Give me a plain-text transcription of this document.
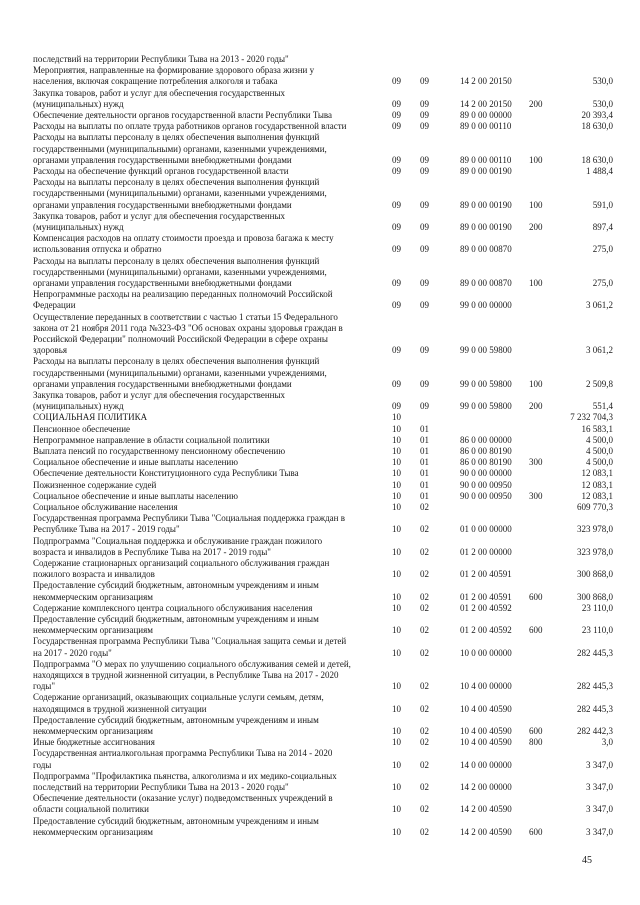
последствий на территории Республики Тыва на 2013 - 2020 годы"
Мероприятия, направленные на формирование здорового образа жизни у
населения, включая сокращение потребления алкоголя и табака	09 09	14 2 00 20150	530,0
Закупка товаров, работ и услуг для обеспечения государственных
(муниципальных) нужд	09 09	14 2 00 20150 200	530,0
Обеспечение деятельности органов государственной власти Республики Тыва	09 09	89 0 00 00000	20 393,4
Расходы на выплаты по оплате труда работников органов государственной власти	09 09	89 0 00 00110	18 630,0
Расходы на выплаты персоналу в целях обеспечения выполнения функций
государственными (муниципальными) органами, казенными учреждениями,
органами управления государственными внебюджетными фондами	09 09	89 0 00 00110 100	18 630,0
Расходы на обеспечение функций органов государственной власти	09 09	89 0 00 00190	1 488,4
Расходы на выплаты персоналу в целях обеспечения выполнения функций
государственными (муниципальными) органами, казенными учреждениями,
органами управления государственными внебюджетными фондами	09 09	89 0 00 00190 100	591,0
Закупка товаров, работ и услуг для обеспечения государственных
(муниципальных) нужд	09 09	89 0 00 00190 200	897,4
Компенсация расходов на оплату стоимости проезда и провоза багажа к месту
использования отпуска и обратно	09 09	89 0 00 00870	275,0
Расходы на выплаты персоналу в целях обеспечения выполнения функций
государственными (муниципальными) органами, казенными учреждениями,
органами управления государственными внебюджетными фондами	09 09	89 0 00 00870 100	275,0
Непрограммные расходы на реализацию переданных полномочий Российской
Федерации	09 09	99 0 00 00000	3 061,2
Осуществление переданных в соответствии с частью 1 статьи 15 Федерального
закона от 21 ноября 2011 года №323-ФЗ "Об основах охраны здоровья граждан в
Российской Федерации" полномочий Российской Федерации в сфере охраны
здоровья	09 09	99 0 00 59800	3 061,2
Расходы на выплаты персоналу в целях обеспечения выполнения функций
государственными (муниципальными) органами, казенными учреждениями,
органами управления государственными внебюджетными фондами	09 09	99 0 00 59800 100	2 509,8
Закупка товаров, работ и услуг для обеспечения государственных
(муниципальных) нужд	09 09	99 0 00 59800 200	551,4
СОЦИАЛЬНАЯ ПОЛИТИКА	10	7 232 704,3
Пенсионное обеспечение	10 01	16 583,1
Непрограммное направление в области социальной политики	10 01	86 0 00 00000	4 500,0
Выплата пенсий по государственному пенсионному обеспечению	10 01	86 0 00 80190	4 500,0
Социальное обеспечение и иные выплаты населению	10 01	86 0 00 80190 300	4 500,0
Обеспечение деятельности Конституционного суда Республики Тыва	10 01	90 0 00 00000	12 083,1
Пожизненное содержание судей	10 01	90 0 00 00950	12 083,1
Социальное обеспечение и иные выплаты населению	10 01	90 0 00 00950 300	12 083,1
Социальное обслуживание населения	10 02	609 770,3
Государственная программа Республики Тыва "Социальная поддержка граждан в
Республике Тыва на 2017 - 2019 годы"	10 02	01 0 00 00000	323 978,0
Подпрограмма "Социальная поддержка и обслуживание граждан пожилого
возраста и инвалидов в Республике Тыва на 2017 - 2019 годы"	10 02	01 2 00 00000	323 978,0
Содержание стационарных организаций социального обслуживания граждан
пожилого возраста и инвалидов	10 02	01 2 00 40591	300 868,0
Предоставление субсидий бюджетным, автономным учреждениям и иным
некоммерческим организациям	10 02	01 2 00 40591 600	300 868,0
Содержание комплексного центра социального обслуживания населения	10 02	01 2 00 40592	23 110,0
Предоставление субсидий бюджетным, автономным учреждениям и иным
некоммерческим организациям	10 02	01 2 00 40592 600	23 110,0
Государственная программа Республики Тыва "Социальная защита семьи и детей
на 2017 - 2020 годы"	10 02	10 0 00 00000	282 445,3
Подпрограмма "О мерах по улучшению социального обслуживания семей и детей,
находящихся в трудной жизненной ситуации, в Республике Тыва на 2017 - 2020
годы"	10 02	10 4 00 00000	282 445,3
Содержание организаций, оказывающих социальные услуги семьям, детям,
находящимся в трудной жизненной ситуации	10 02	10 4 00 40590	282 445,3
Предоставление субсидий бюджетным, автономным учреждениям и иным
некоммерческим организациям	10 02	10 4 00 40590 600	282 442,3
Иные бюджетные ассигнования	10 02	10 4 00 40590 800	3,0
Государственная антиалкогольная программа Республики Тыва на 2014 - 2020
годы	10 02	14 0 00 00000	3 347,0
Подпрограмма "Профилактика пьянства, алкоголизма и их медико-социальных
последствий на территории Республики Тыва на 2013 - 2020 годы"	10 02	14 2 00 00000	3 347,0
Обеспечение деятельности (оказание услуг) подведомственных учреждений в
области социальной политики	10 02	14 2 00 40590	3 347,0
Предоставление субсидий бюджетным, автономным учреждениям и иным
некоммерческим организациям	10 02	14 2 00 40590 600	3 347,0
45
